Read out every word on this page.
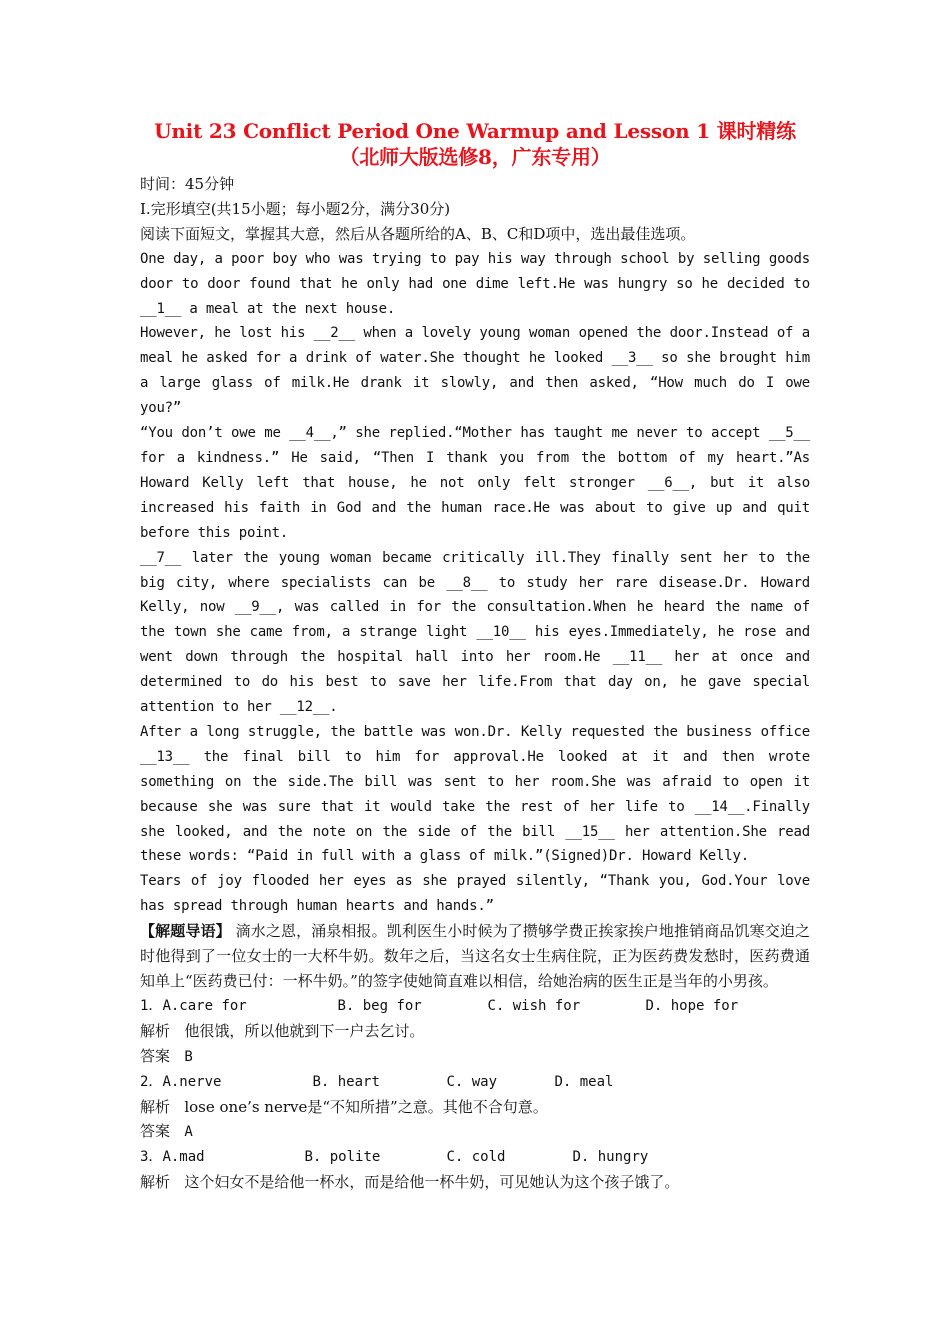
Unit 23 Conflict Period One Warmup and Lesson 1 课时精练（北师大版选修8，广东专用）

时间：45分钟

Ⅰ.完形填空(共15小题；每小题2分，满分30分)

阅读下面短文，掌握其大意，然后从各题所给的A、B、C和D项中，选出最佳选项。

One day, a poor boy who was trying to pay his way through school by selling goods door to door found that he only had one dime left.He was hungry so he decided to __1__ a meal at the next house.

However, he lost his __2__ when a lovely young woman opened the door.Instead of a meal he asked for a drink of water.She thought he looked __3__ so she brought him a large glass of milk.He drank it slowly, and then asked, “How much do I owe you?”

“You don’t owe me __4__,” she replied.“Mother has taught me never to accept __5__ for a kindness.” He said, “Then I thank you from the bottom of my heart.”As Howard Kelly left that house, he not only felt stronger __6__, but it also increased his faith in God and the human race.He was about to give up and quit before this point.

__7__ later the young woman became critically ill.They finally sent her to the big city, where specialists can be __8__ to study her rare disease.Dr. Howard Kelly, now __9__, was called in for the consultation.When he heard the name of the town she came from, a strange light __10__ his eyes.Immediately, he rose and went down through the hospital hall into her room.He __11__ her at once and determined to do his best to save her life.From that day on, he gave special attention to her __12__.

After a long struggle, the battle was won.Dr. Kelly requested the business office __13__ the final bill to him for approval.He looked at it and then wrote something on the side.The bill was sent to her room.She was afraid to open it because she was sure that it would take the rest of her life to __14__.Finally she looked, and the note on the side of the bill __15__ her attention.She read these words: “Paid in full with a glass of milk.”(Signed)Dr. Howard Kelly.

Tears of joy flooded her eyes as she prayed silently, “Thank you, God.Your love has spread through human hearts and hands.”

【解题导语】 滴水之恩，涌泉相报。凯利医生小时候为了攒够学费正挨家挨户地推销商品饥寒交迫之时他得到了一位女士的一大杯牛奶。数年之后，当这名女士生病住院，正为医药费发愁时，医药费通知单上“医药费已付：一杯牛奶。”的签字使她简直难以相信，给她治病的医生正是当年的小男孩。

1．A.care for	B. beg for	C. wish for	D. hope for

解析 他很饿，所以他就到下一户去乞讨。

答案 B

2．A.nerve	B. heart	C. way	D. meal

解析 lose one’s nerve是“不知所措”之意。其他不合句意。

答案 A

3．A.mad	B. polite	C. cold	D. hungry

解析 这个妇女不是给他一杯水，而是给他一杯牛奶，可见她认为这个孩子饿了。
